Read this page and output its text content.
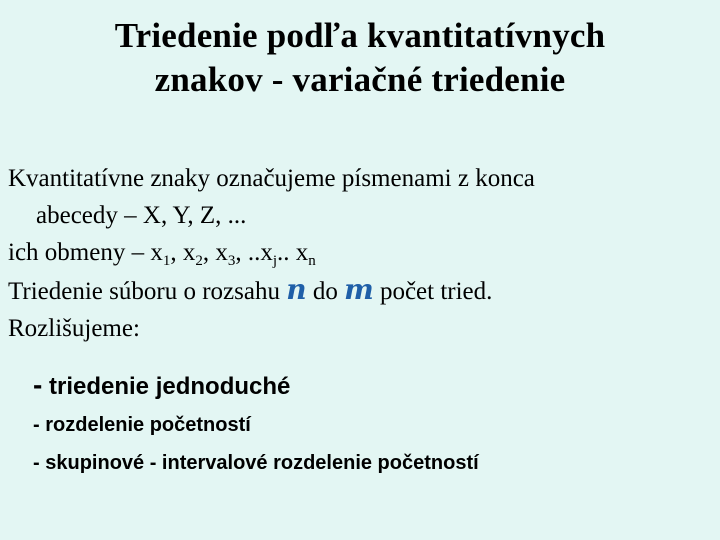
Triedenie podľa kvantitatívnych
znakov - variačné triedenie
Kvantitatívne znaky označujeme písmenami z konca
abecedy – X, Y, Z, ...
ich obmeny – $x_1$, $x_2$, $x_3$, $..x_j$.. $x_n$
Triedenie súboru o rozsahu n do m počet tried.
Rozlišujeme:
- triedenie jednoduché
- rozdelenie početností
- skupinové - intervalové rozdelenie početností
